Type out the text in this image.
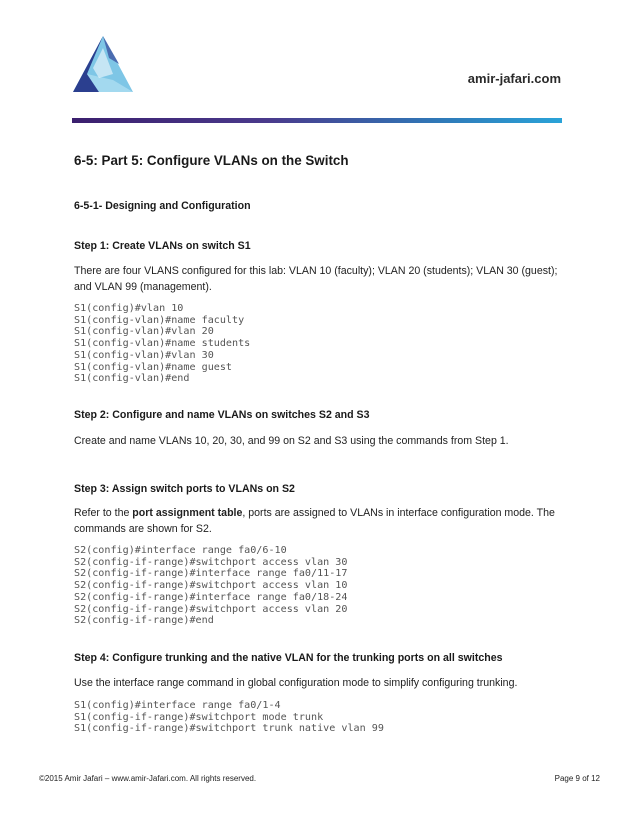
amir-jafari.com
6-5: Part 5: Configure VLANs on the Switch
6-5-1- Designing and Configuration
Step 1: Create VLANs on switch S1
There are four VLANS configured for this lab: VLAN 10 (faculty); VLAN 20 (students); VLAN 30 (guest); and VLAN 99 (management).
S1(config)#vlan 10
S1(config-vlan)#name faculty
S1(config-vlan)#vlan 20
S1(config-vlan)#name students
S1(config-vlan)#vlan 30
S1(config-vlan)#name guest
S1(config-vlan)#end
Step 2: Configure and name VLANs on switches S2 and S3
Create and name VLANs 10, 20, 30, and 99 on S2 and S3 using the commands from Step 1.
Step 3: Assign switch ports to VLANs on S2
Refer to the port assignment table, ports are assigned to VLANs in interface configuration mode. The commands are shown for S2.
S2(config)#interface range fa0/6-10
S2(config-if-range)#switchport access vlan 30
S2(config-if-range)#interface range fa0/11-17
S2(config-if-range)#switchport access vlan 10
S2(config-if-range)#interface range fa0/18-24
S2(config-if-range)#switchport access vlan 20
S2(config-if-range)#end
Step 4: Configure trunking and the native VLAN for the trunking ports on all switches
Use the interface range command in global configuration mode to simplify configuring trunking.
S1(config)#interface range fa0/1-4
S1(config-if-range)#switchport mode trunk
S1(config-if-range)#switchport trunk native vlan 99
©2015 Amir Jafari – www.amir-Jafari.com. All rights reserved.	Page 9 of 12
